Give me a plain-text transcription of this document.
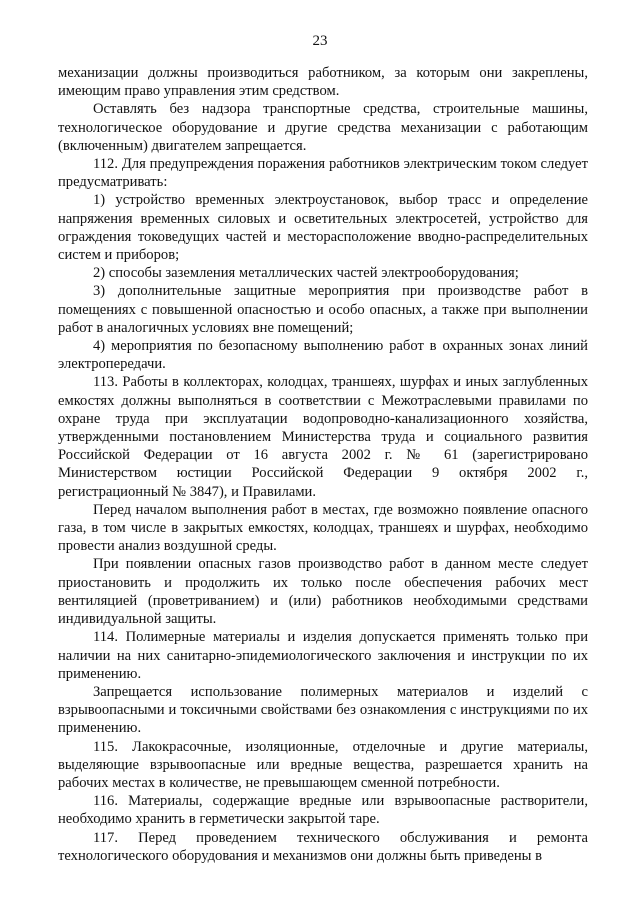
23

механизации должны производиться работником, за которым они закреплены, имеющим право управления этим средством.

Оставлять без надзора транспортные средства, строительные машины, технологическое оборудование и другие средства механизации с работающим (включенным) двигателем запрещается.

112. Для предупреждения поражения работников электрическим током следует предусматривать:

1) устройство временных электроустановок, выбор трасс и определение напряжения временных силовых и осветительных электросетей, устройство для ограждения токоведущих частей и месторасположение вводно-распределительных систем и приборов;

2) способы заземления металлических частей электрооборудования;

3) дополнительные защитные мероприятия при производстве работ в помещениях с повышенной опасностью и особо опасных, а также при выполнении работ в аналогичных условиях вне помещений;

4) мероприятия по безопасному выполнению работ в охранных зонах линий электропередачи.

113. Работы в коллекторах, колодцах, траншеях, шурфах и иных заглубленных емкостях должны выполняться в соответствии с Межотраслевыми правилами по охране труда при эксплуатации водопроводно-канализационного хозяйства, утвержденными постановлением Министерства труда и социального развития Российской Федерации от 16 августа 2002 г. № 61 (зарегистрировано Министерством юстиции Российской Федерации 9 октября 2002 г., регистрационный № 3847), и Правилами.

Перед началом выполнения работ в местах, где возможно появление опасного газа, в том числе в закрытых емкостях, колодцах, траншеях и шурфах, необходимо провести анализ воздушной среды.

При появлении опасных газов производство работ в данном месте следует приостановить и продолжить их только после обеспечения рабочих мест вентиляцией (проветриванием) и (или) работников необходимыми средствами индивидуальной защиты.

114. Полимерные материалы и изделия допускается применять только при наличии на них санитарно-эпидемиологического заключения и инструкции по их применению.

Запрещается использование полимерных материалов и изделий с взрывоопасными и токсичными свойствами без ознакомления с инструкциями по их применению.

115. Лакокрасочные, изоляционные, отделочные и другие материалы, выделяющие взрывоопасные или вредные вещества, разрешается хранить на рабочих местах в количестве, не превышающем сменной потребности.

116. Материалы, содержащие вредные или взрывоопасные растворители, необходимо хранить в герметически закрытой таре.

117. Перед проведением технического обслуживания и ремонта технологического оборудования и механизмов они должны быть приведены в
